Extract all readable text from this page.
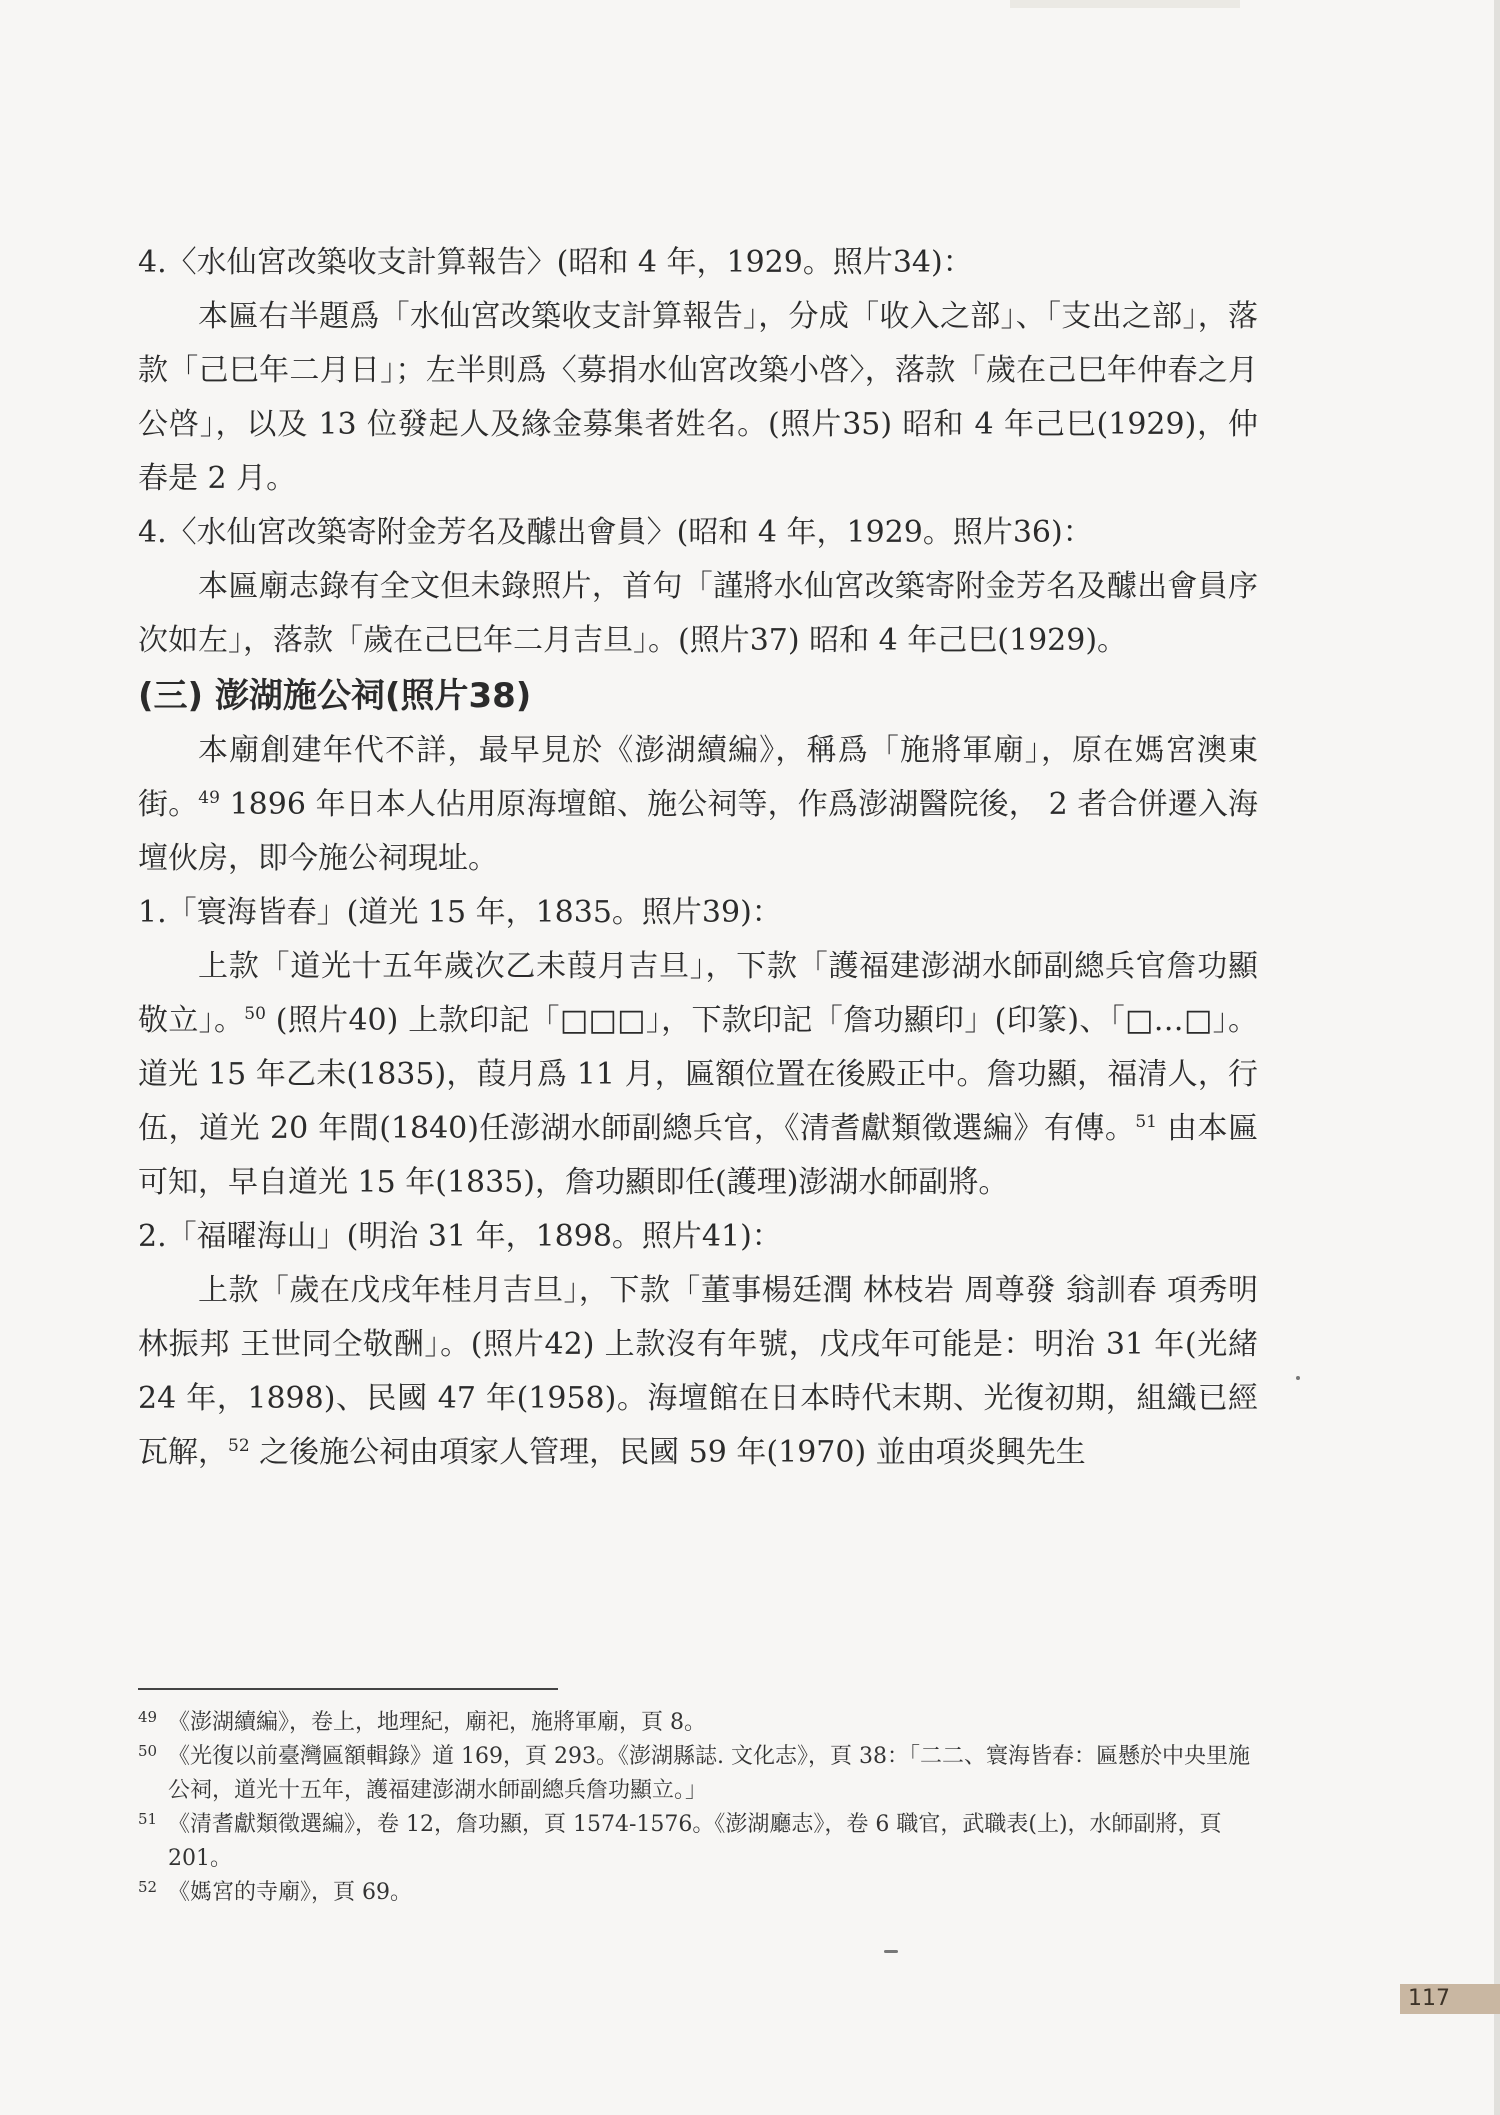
4.〈水仙宮改築收支計算報告〉(昭和 4 年，1929。照片34)：

本匾右半題爲「水仙宮改築收支計算報告」，分成「收入之部」、「支出之部」，落款「己巳年二月日」；左半則爲〈募捐水仙宮改築小啓〉，落款「歲在己巳年仲春之月公啓」，以及 13 位發起人及緣金募集者姓名。(照片35) 昭和 4 年己巳(1929)，仲春是 2 月。

4.〈水仙宮改築寄附金芳名及醵出會員〉(昭和 4 年，1929。照片36)：

本匾廟志錄有全文但未錄照片，首句「謹將水仙宮改築寄附金芳名及醵出會員序次如左」，落款「歲在己巳年二月吉旦」。(照片37) 昭和 4 年己巳(1929)。

(三) 澎湖施公祠(照片38)

本廟創建年代不詳，最早見於《澎湖續編》，稱爲「施將軍廟」，原在媽宮澳東街。$^{49}$ 1896 年日本人佔用原海壇館、施公祠等，作爲澎湖醫院後， 2 者合併遷入海壇伙房，即今施公祠現址。

1.「寰海皆春」(道光 15 年，1835。照片39)：

上款「道光十五年歲次乙未葭月吉旦」，下款「護福建澎湖水師副總兵官詹功顯敬立」。$^{50}$ (照片40) 上款印記「□□□」，下款印記「詹功顯印」(印篆)、「□…□」。道光 15 年乙未(1835)，葭月爲 11 月，匾額位置在後殿正中。詹功顯，福清人，行伍，道光 20 年間(1840)任澎湖水師副總兵官，《清耆獻類徵選編》有傳。$^{51}$ 由本匾可知，早自道光 15 年(1835)，詹功顯即任(護理)澎湖水師副將。

2.「福曜海山」(明治 31 年，1898。照片41)：

上款「歲在戊戌年桂月吉旦」，下款「董事楊廷潤 林枝岩 周尊發 翁訓春 項秀明 林振邦 王世同仝敬酬」。(照片42) 上款沒有年號，戊戌年可能是：明治 31 年(光緒 24 年，1898)、民國 47 年(1958)。海壇館在日本時代末期、光復初期，組織已經瓦解，$^{52}$ 之後施公祠由項家人管理，民國 59 年(1970) 並由項炎興先生

49 《澎湖續編》，卷上，地理紀，廟祀，施將軍廟，頁 8。

50 《光復以前臺灣匾額輯錄》道 169，頁 293。《澎湖縣誌. 文化志》，頁 38：「二二、寰海皆春：匾懸於中央里施公祠，道光十五年，護福建澎湖水師副總兵詹功顯立。」

51 《清耆獻類徵選編》，卷 12，詹功顯，頁 1574-1576。《澎湖廳志》，卷 6 職官，武職表(上)，水師副將，頁 201。

52 《媽宮的寺廟》，頁 69。

117
